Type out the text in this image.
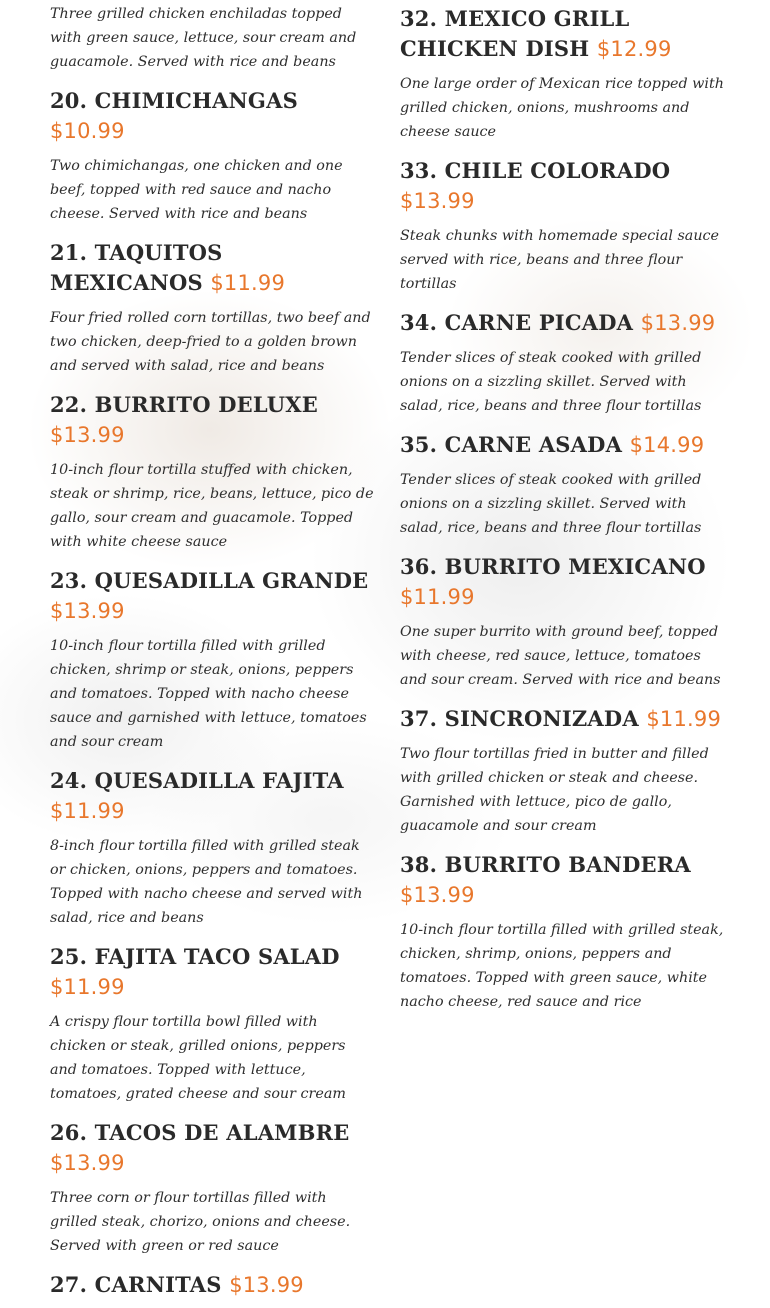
Three grilled chicken enchiladas topped with green sauce, lettuce, sour cream and guacamole. Served with rice and beans

20. CHIMICHANGAS $10.99

Two chimichangas, one chicken and one beef, topped with red sauce and nacho cheese. Served with rice and beans

21. TAQUITOS MEXICANOS $11.99

Four fried rolled corn tortillas, two beef and two chicken, deep-fried to a golden brown and served with salad, rice and beans

22. BURRITO DELUXE $13.99

10-inch flour tortilla stuffed with chicken, steak or shrimp, rice, beans, lettuce, pico de gallo, sour cream and guacamole. Topped with white cheese sauce

23. QUESADILLA GRANDE $13.99

10-inch flour tortilla filled with grilled chicken, shrimp or steak, onions, peppers and tomatoes. Topped with nacho cheese sauce and garnished with lettuce, tomatoes and sour cream

24. QUESADILLA FAJITA $11.99

8-inch flour tortilla filled with grilled steak or chicken, onions, peppers and tomatoes. Topped with nacho cheese and served with salad, rice and beans

25. FAJITA TACO SALAD $11.99

A crispy flour tortilla bowl filled with chicken or steak, grilled onions, peppers and tomatoes. Topped with lettuce, tomatoes, grated cheese and sour cream

26. TACOS DE ALAMBRE $13.99

Three corn or flour tortillas filled with grilled steak, chorizo, onions and cheese. Served with green or red sauce

27. CARNITAS $13.99
32. MEXICO GRILL CHICKEN DISH $12.99

One large order of Mexican rice topped with grilled chicken, onions, mushrooms and cheese sauce

33. CHILE COLORADO $13.99

Steak chunks with homemade special sauce served with rice, beans and three flour tortillas

34. CARNE PICADA $13.99

Tender slices of steak cooked with grilled onions on a sizzling skillet. Served with salad, rice, beans and three flour tortillas

35. CARNE ASADA $14.99

Tender slices of steak cooked with grilled onions on a sizzling skillet. Served with salad, rice, beans and three flour tortillas

36. BURRITO MEXICANO $11.99

One super burrito with ground beef, topped with cheese, red sauce, lettuce, tomatoes and sour cream. Served with rice and beans

37. SINCRONIZADA $11.99

Two flour tortillas fried in butter and filled with grilled chicken or steak and cheese. Garnished with lettuce, pico de gallo, guacamole and sour cream

38. BURRITO BANDERA $13.99

10-inch flour tortilla filled with grilled steak, chicken, shrimp, onions, peppers and tomatoes. Topped with green sauce, white nacho cheese, red sauce and rice
